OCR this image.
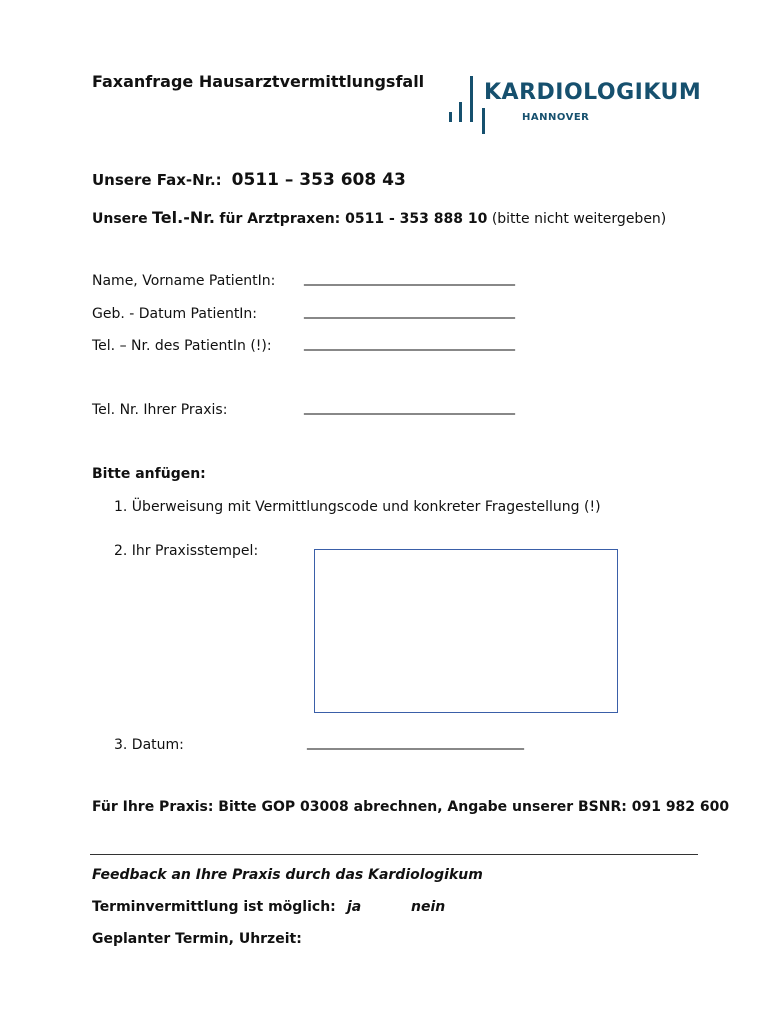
Faxanfrage Hausarztvermittlungsfall	KARDIOLOGIKUM
HANNOVER
Unsere Fax-Nr.: 0511 – 353 608 43
Unsere Tel.-Nr. für Arztpraxen: 0511 - 353 888 10 (bitte nicht weitergeben)
Name, Vorname PatientIn: ___________________________________
Geb. - Datum PatientIn:	___________________________________
Tel. – Nr. des PatientIn (!): ___________________________________
Tel. Nr. Ihrer Praxis:	___________________________________
Bitte anfügen:
1. Überweisung mit Vermittlungscode und konkreter Fragestellung (!)
2. Ihr Praxisstempel:
3. Datum:	____________________________________
Für Ihre Praxis: Bitte GOP 03008 abrechnen, Angabe unserer BSNR: 091 982 600
Feedback an Ihre Praxis durch das Kardiologikum
Terminvermittlung ist möglich: ja	nein
Geplanter Termin, Uhrzeit:
